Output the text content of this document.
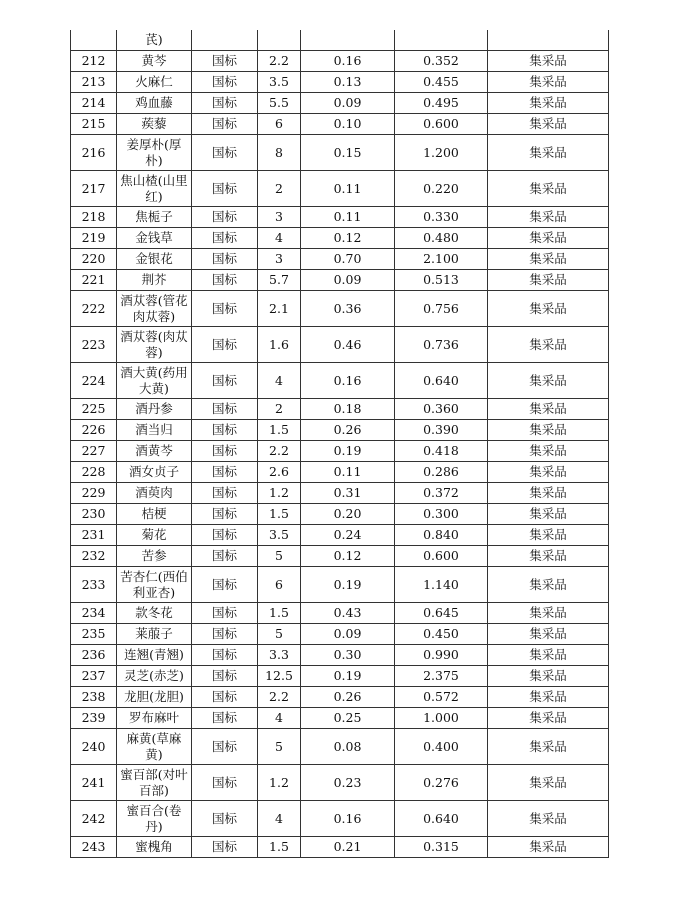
	芪)					
212	黄芩	国标	2.2	0.16	0.352	集采品
213	火麻仁	国标	3.5	0.13	0.455	集采品
214	鸡血藤	国标	5.5	0.09	0.495	集采品
215	蒺藜	国标	6	0.10	0.600	集采品
216	姜厚朴(厚朴)	国标	8	0.15	1.200	集采品
217	焦山楂(山里红)	国标	2	0.11	0.220	集采品
218	焦栀子	国标	3	0.11	0.330	集采品
219	金钱草	国标	4	0.12	0.480	集采品
220	金银花	国标	3	0.70	2.100	集采品
221	荆芥	国标	5.7	0.09	0.513	集采品
222	酒苁蓉(管花肉苁蓉)	国标	2.1	0.36	0.756	集采品
223	酒苁蓉(肉苁蓉)	国标	1.6	0.46	0.736	集采品
224	酒大黄(药用大黄)	国标	4	0.16	0.640	集采品
225	酒丹参	国标	2	0.18	0.360	集采品
226	酒当归	国标	1.5	0.26	0.390	集采品
227	酒黄芩	国标	2.2	0.19	0.418	集采品
228	酒女贞子	国标	2.6	0.11	0.286	集采品
229	酒萸肉	国标	1.2	0.31	0.372	集采品
230	桔梗	国标	1.5	0.20	0.300	集采品
231	菊花	国标	3.5	0.24	0.840	集采品
232	苦参	国标	5	0.12	0.600	集采品
233	苦杏仁(西伯利亚杏)	国标	6	0.19	1.140	集采品
234	款冬花	国标	1.5	0.43	0.645	集采品
235	莱菔子	国标	5	0.09	0.450	集采品
236	连翘(青翘)	国标	3.3	0.30	0.990	集采品
237	灵芝(赤芝)	国标	12.5	0.19	2.375	集采品
238	龙胆(龙胆)	国标	2.2	0.26	0.572	集采品
239	罗布麻叶	国标	4	0.25	1.000	集采品
240	麻黄(草麻黄)	国标	5	0.08	0.400	集采品
241	蜜百部(对叶百部)	国标	1.2	0.23	0.276	集采品
242	蜜百合(卷丹)	国标	4	0.16	0.640	集采品
243	蜜槐角	国标	1.5	0.21	0.315	集采品
